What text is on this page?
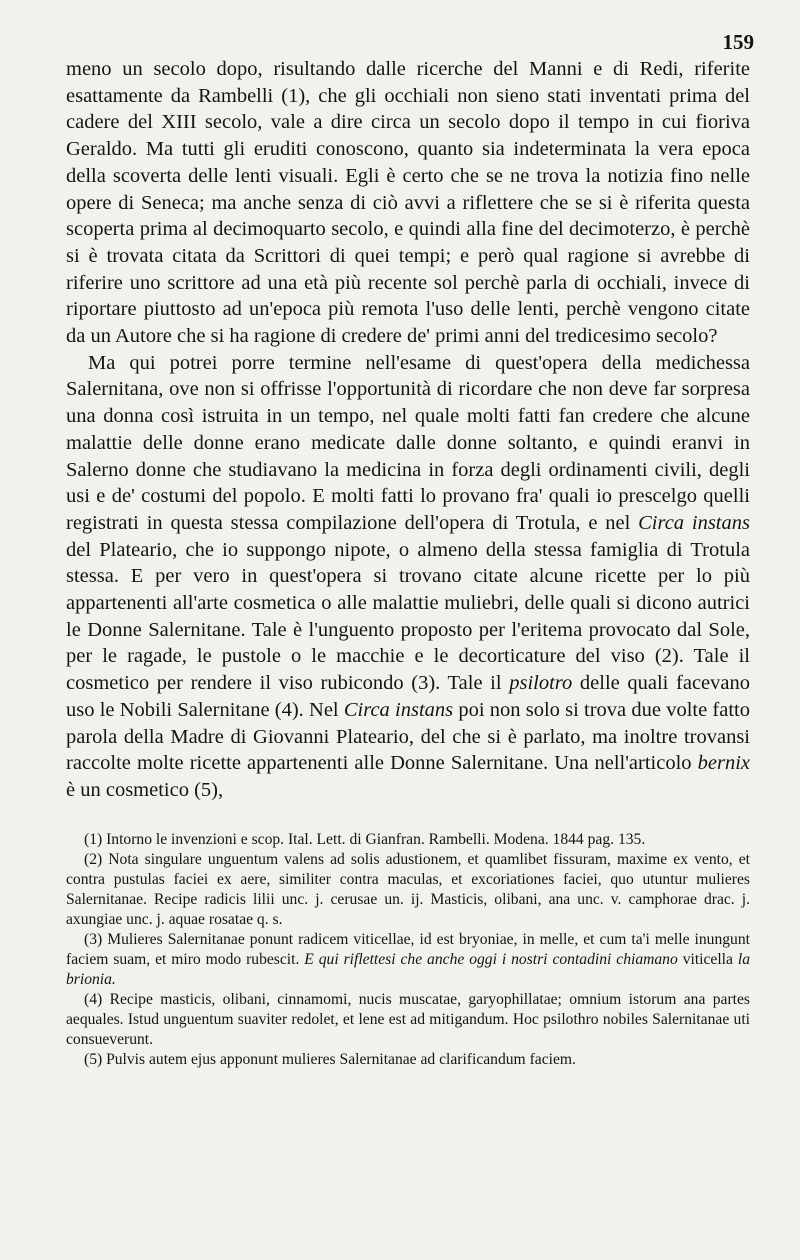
159

meno un secolo dopo, risultando dalle ricerche del Manni e di Redi, riferite esattamente da Rambelli (1), che gli occhiali non sieno stati inventati prima del cadere del XIII secolo, vale a dire circa un secolo dopo il tempo in cui fioriva Geraldo. Ma tutti gli eruditi conoscono, quanto sia indeterminata la vera epoca della scoverta delle lenti visuali. Egli è certo che se ne trova la notizia fino nelle opere di Seneca; ma anche senza di ciò avvi a riflettere che se si è riferita questa scoperta prima al decimoquarto secolo, e quindi alla fine del decimoterzo, è perchè si è trovata citata da Scrittori di quei tempi; e però qual ragione si avrebbe di riferire uno scrittore ad una età più recente sol perchè parla di occhiali, invece di riportare piuttosto ad un'epoca più remota l'uso delle lenti, perchè vengono citate da un Autore che si ha ragione di credere de' primi anni del tredicesimo secolo?

Ma qui potrei porre termine nell'esame di quest'opera della medichessa Salernitana, ove non si offrisse l'opportunità di ricordare che non deve far sorpresa una donna così istruita in un tempo, nel quale molti fatti fan credere che alcune malattie delle donne erano medicate dalle donne soltanto, e quindi eranvi in Salerno donne che studiavano la medicina in forza degli ordinamenti civili, degli usi e de' costumi del popolo. E molti fatti lo provano fra' quali io prescelgo quelli registrati in questa stessa compilazione dell'opera di Trotula, e nel Circa instans del Plateario, che io suppongo nipote, o almeno della stessa famiglia di Trotula stessa. E per vero in quest'opera si trovano citate alcune ricette per lo più appartenenti all'arte cosmetica o alle malattie muliebri, delle quali si dicono autrici le Donne Salernitane. Tale è l'unguento proposto per l'eritema provocato dal Sole, per le ragade, le pustole o le macchie e le decorticature del viso (2). Tale il cosmetico per rendere il viso rubicondo (3). Tale il psilotro delle quali facevano uso le Nobili Salernitane (4). Nel Circa instans poi non solo si trova due volte fatto parola della Madre di Giovanni Plateario, del che si è parlato, ma inoltre trovansi raccolte molte ricette appartenenti alle Donne Salernitane. Una nell'articolo bernix è un cosmetico (5),

(1) Intorno le invenzioni e scop. Ital. Lett. di Gianfran. Rambelli. Modena. 1844 pag. 135.

(2) Nota singulare unguentum valens ad solis adustionem, et quamlibet fissuram, maxime ex vento, et contra pustulas faciei ex aere, similiter contra maculas, et excoriationes faciei, quo utuntur mulieres Salernitanae. Recipe radicis lilii unc. j. cerusae un. ij. Masticis, olibani, ana unc. v. camphorae drac. j. axungiae unc. j. aquae rosatae q. s.

(3) Mulieres Salernitanae ponunt radicem viticellae, id est bryoniae, in melle, et cum ta'i melle inungunt faciem suam, et miro modo rubescit. E qui riflettesi che anche oggi i nostri contadini chiamano viticella la brionia.

(4) Recipe masticis, olibani, cinnamomi, nucis muscatae, garyophillatae; omnium istorum ana partes aequales. Istud unguentum suaviter redolet, et lene est ad mitigandum. Hoc psilothro nobiles Salernitanae uti consueverunt.

(5) Pulvis autem ejus apponunt mulieres Salernitanae ad clarificandum faciem.
